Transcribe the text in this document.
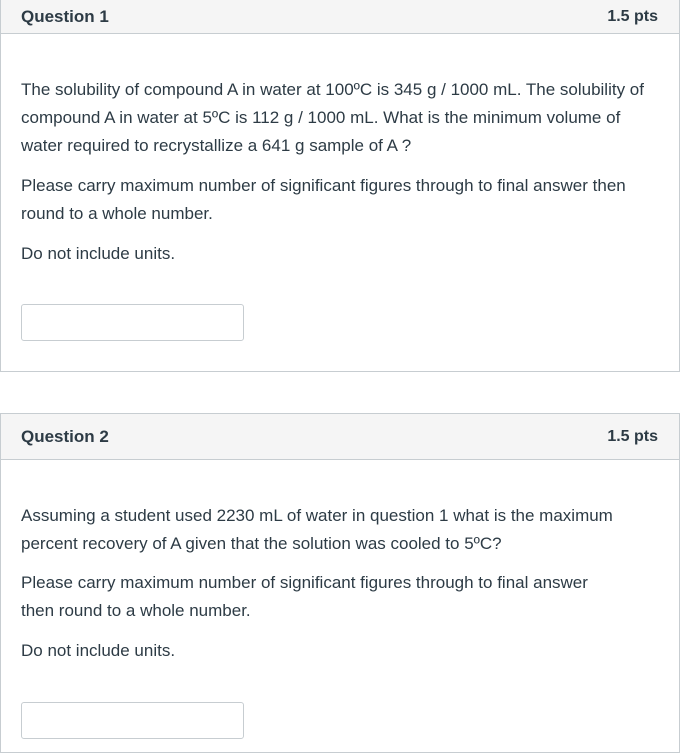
Question 1	1.5 pts

The solubility of compound A in water at 100ºC is 345 g / 1000 mL. The solubility of compound A in water at 5ºC is 112 g / 1000 mL. What is the minimum volume of water required to recrystallize a 641 g sample of A ?

Please carry maximum number of significant figures through to final answer then round to a whole number.

Do not include units.

Question 2	1.5 pts

Assuming a student used 2230 mL of water in question 1 what is the maximum percent recovery of A given that the solution was cooled to 5ºC?

Please carry maximum number of significant figures through to final answer then round to a whole number.

Do not include units.
